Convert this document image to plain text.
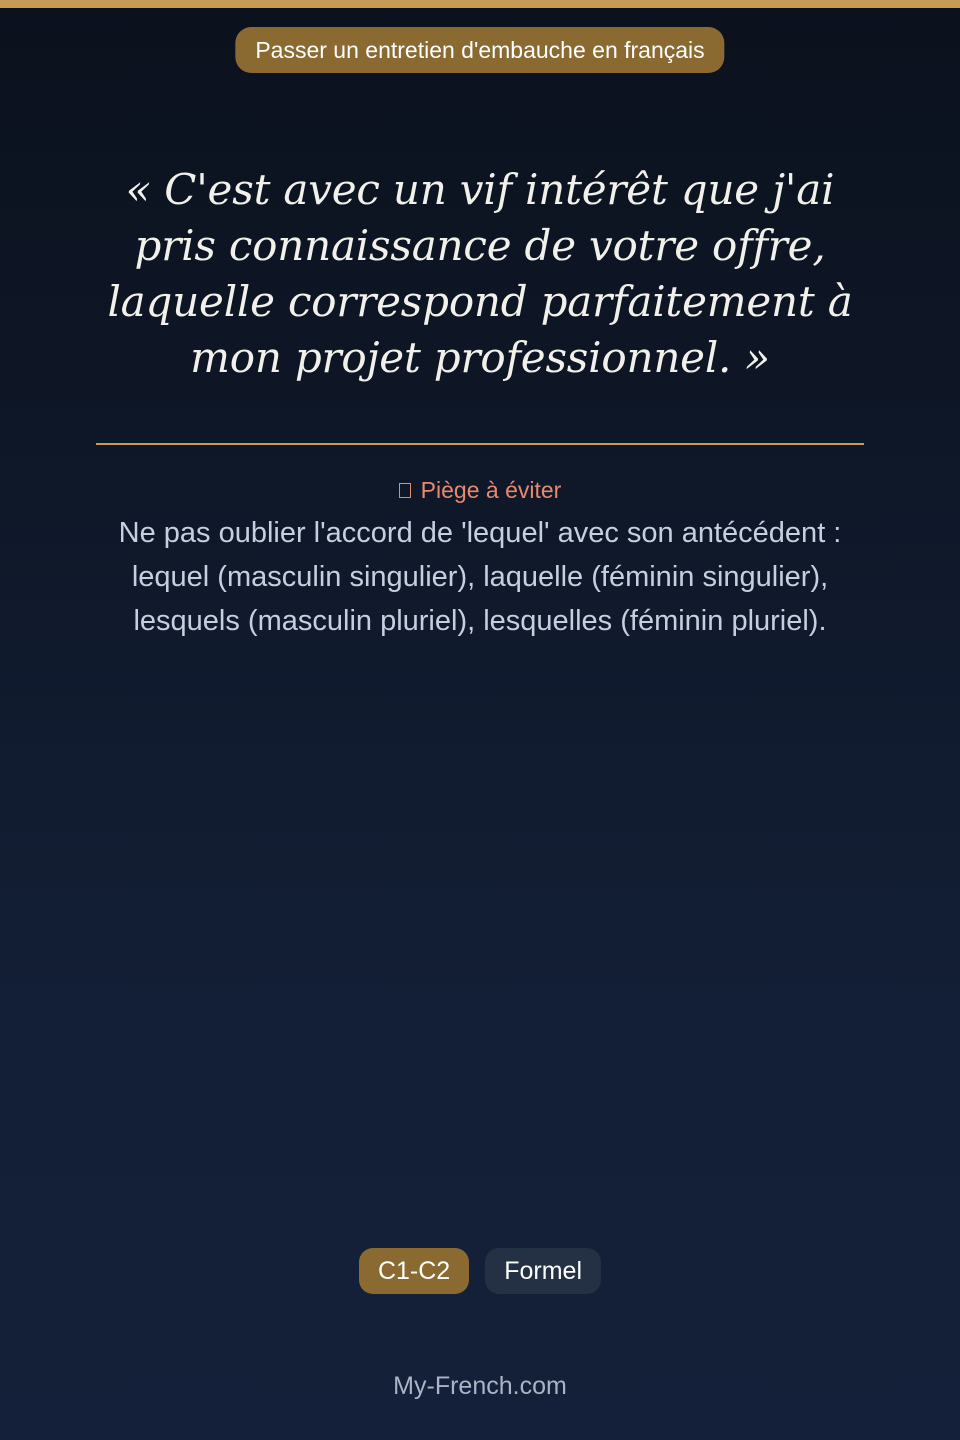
Passer un entretien d'embauche en français

« C'est avec un vif intérêt que j'ai pris connaissance de votre offre, laquelle correspond parfaitement à mon projet professionnel. »

Piège à éviter

Ne pas oublier l'accord de 'lequel' avec son antécédent : lequel (masculin singulier), laquelle (féminin singulier), lesquels (masculin pluriel), lesquelles (féminin pluriel).

C1-C2	Formel
My-French.com
